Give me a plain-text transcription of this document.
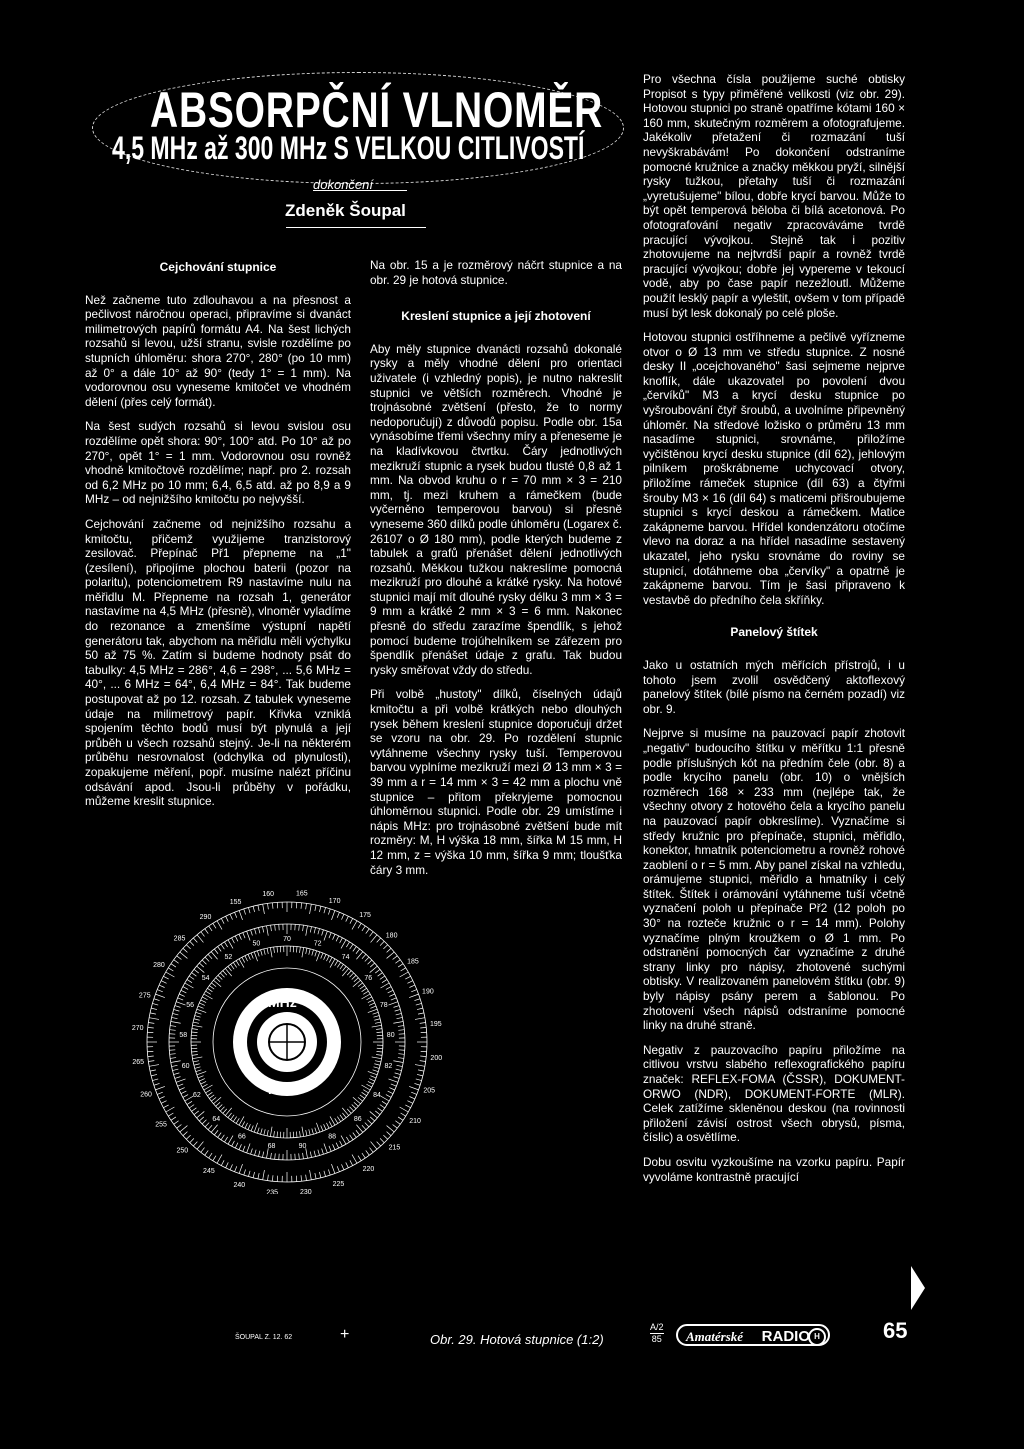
ABSORPČNÍ VLNOMĚR
4,5 MHz až 300 MHz S VELKOU CITLIVOSTÍ
dokončení
Zdeněk Šoupal
Cejchování stupnice

Než začneme tuto zdlouhavou a na přesnost a pečlivost náročnou operaci, připravíme si dvanáct milimetrových papírů formátu A4. Na šest lichých rozsahů si levou, užší stranu, svisle rozdělíme po stupních úhloměru: shora 270°, 280° (po 10 mm) až 0° a dále 10° až 90° (tedy 1° = 1 mm). Na vodorovnou osu vyneseme kmitočet ve vhodném dělení (přes celý formát).

Na šest sudých rozsahů si levou svislou osu rozdělíme opět shora: 90°, 100° atd. Po 10° až po 270°, opět 1° = 1 mm. Vodorovnou osu rovněž vhodně kmitočtově rozdělíme; např. pro 2. rozsah od 6,2 MHz po 10 mm; 6,4, 6,5 atd. až po 8,9 a 9 MHz – od nejnižšího kmitočtu po nejvyšší.

Cejchování začneme od nejnižšího rozsahu a kmitočtu, přičemž využijeme tranzistorový zesilovač. Přepínač Př1 přepneme na „1" (zesílení), připojíme plochou baterii (pozor na polaritu), potenciometrem R9 nastavíme nulu na měřidlu M. Přepneme na rozsah 1, generátor nastavíme na 4,5 MHz (přesně), vlnoměr vyladíme do rezonance a zmenšíme výstupní napětí generátoru tak, abychom na měřidlu měli výchylku 50 až 75 %. Zatím si budeme hodnoty psát do tabulky: 4,5 MHz = 286°, 4,6 = 298°, ... 5,6 MHz = 40°, ... 6 MHz = 64°, 6,4 MHz = 84°. Tak budeme postupovat až po 12. rozsah. Z tabulek vyneseme údaje na milimetrový papír. Křivka vzniklá spojením těchto bodů musí být plynulá a její průběh u všech rozsahů stejný. Je-li na některém průběhu nesrovnalost (odchylka od plynulosti), zopakujeme měření, popř. musíme nalézt příčinu odsávání apod. Jsou-li průběhy v pořádku, můžeme kreslit stupnice.

Na obr. 15 a je rozměrový náčrt stupnice a na obr. 29 je hotová stupnice.

Kreslení stupnice a její zhotovení

Aby měly stupnice dvanácti rozsahů dokonalé rysky a měly vhodné dělení pro orientaci uživatele (i vzhledný popis), je nutno nakreslit stupnici ve větších rozměrech. Vhodné je trojnásobné zvětšení (přesto, že to normy nedoporučují) z důvodů popisu. Podle obr. 15a vynásobíme třemi všechny míry a přeneseme je na kladívkovou čtvrtku. Čáry jednotlivých mezikruží stupnic a rysek budou tlusté 0,8 až 1 mm. Na obvod kruhu o r = 70 mm × 3 = 210 mm, tj. mezi kruhem a rámečkem (bude vyčerněno temperovou barvou) si přesně vyneseme 360 dílků podle úhloměru (Logarex č. 26107 o Ø 180 mm), podle kterých budeme z tabulek a grafů přenášet dělení jednotlivých rozsahů. Měkkou tužkou nakreslíme pomocná mezikruží pro dlouhé a krátké rysky. Na hotové stupnici mají mít dlouhé rysky délku 3 mm × 3 = 9 mm a krátké 2 mm × 3 = 6 mm. Nakonec přesně do středu zarazíme špendlík, s jehož pomocí budeme trojúhelníkem se zářezem pro špendlík přenášet údaje z grafu. Tak budou rysky směřovat vždy do středu.

Při volbě „hustoty" dílků, číselných údajů kmitočtu a při volbě krátkých nebo dlouhých rysek během kreslení stupnice doporučuji držet se vzoru na obr. 29. Po rozdělení stupnic vytáhneme všechny rysky tuší. Temperovou barvou vyplníme mezikruží mezi Ø 13 mm × 3 = 39 mm a r = 14 mm × 3 = 42 mm a plochu vně stupnice – přitom překryjeme pomocnou úhloměrnou stupnici. Podle obr. 29 umístíme i nápis MHz: pro trojnásobné zvětšení bude mít rozměry: M, H výška 18 mm, šířka M 15 mm, H 12 mm, z = výška 10 mm, šířka 9 mm; tloušťka čáry 3 mm.

Pro všechna čísla použijeme suché obtisky Propisot s typy přiměřené velikosti (viz obr. 29). Hotovou stupnici po straně opatříme kótami 160 × 160 mm, skutečným rozměrem a ofotografujeme. Jakékoliv přetažení či rozmazání tuší nevyškrabávám! Po dokončení odstraníme pomocné kružnice a značky měkkou pryží, silnější rysky tužkou, přetahy tuší či rozmazání „vyretušujeme" bílou, dobře krycí barvou. Může to být opět temperová běloba či bílá acetonová. Po ofotografování negativ zpracováváme tvrdě pracující vývojkou. Stejně tak i pozitiv zhotovujeme na nejtvrdší papír a rovněž tvrdě pracující vývojkou; dobře jej vypereme v tekoucí vodě, aby po čase papír nezežloutl. Můžeme použít lesklý papír a vyleštit, ovšem v tom případě musí být lesk dokonalý po celé ploše.

Hotovou stupnici ostříhneme a pečlivě vyřízneme otvor o Ø 13 mm ve středu stupnice. Z nosné desky II „ocejchovaného" šasi sejmeme nejprve knoflík, dále ukazovatel po povolení dvou „červíků" M3 a krycí desku stupnice po vyšroubování čtyř šroubů, a uvolníme připevněný úhloměr. Na středové ložisko o průměru 13 mm nasadíme stupnici, srovnáme, přiložíme vyčištěnou krycí desku stupnice (díl 62), jehlovým pilníkem proškrábneme uchycovací otvory, přiložíme rámeček stupnice (díl 63) a čtyřmi šrouby M3 × 16 (díl 64) s maticemi přišroubujeme stupnici s krycí deskou a rámečkem. Matice zakápneme barvou. Hřídel kondenzátoru otočíme vlevo na doraz a na hřídel nasadíme sestavený ukazatel, jeho rysku srovnáme do roviny se stupnicí, dotáhneme oba „červíky" a opatrně je zakápneme barvou. Tím je šasi připraveno k vestavbě do předního čela skříňky.

Panelový štítek

Jako u ostatních mých měřících přístrojů, i u tohoto jsem zvolil osvědčený aktoflexový panelový štítek (bílé písmo na černém pozadí) viz obr. 9.

Nejprve si musíme na pauzovací papír zhotovit „negativ" budoucího štítku v měřítku 1:1 přesně podle příslušných kót na předním čele (obr. 8) a podle krycího panelu (obr. 10) o vnějších rozměrech 168 × 233 mm (nejlépe tak, že všechny otvory z hotového čela a krycího panelu na pauzovací papír obkreslíme). Vyznačíme si středy kružnic pro přepínače, stupnici, měřidlo, konektor, hmatník potenciometru a rovněž rohové zaoblení o r = 5 mm. Aby panel získal na vzhledu, orámujeme stupnici, měřidlo a hmatníky i celý štítek. Štítek i orámování vytáhneme tuší včetně vyznačení poloh u přepínače Př2 (12 poloh po 30° na rozteče kružnic o r = 14 mm). Polohy vyznačíme plným kroužkem o Ø 1 mm. Po odstranění pomocných čar vyznačíme z druhé strany linky pro nápisy, zhotovené suchými obtisky. V realizovaném panelovém štítku (obr. 9) byly nápisy psány perem a šablonou. Po zhotovení všech nápisů odstraníme pomocné linky na druhé straně.

Negativ z pauzovacího papíru přiložíme na citlivou vrstvu slabého reflexografického papíru značek: REFLEX-FOMA (ČSSR), DOKUMENT-ORWO (NDR), DOKUMENT-FORTE (MLR). Celek zatížíme skleněnou deskou (na rovinnosti přiložení závisí ostrost všech obrysů, písma, číslic) a osvětlíme.

Dobu osvitu vyzkoušíme na vzorku papíru. Papír vyvoláme kontrastně pracující

155
160	165
170
175
180
185
190
195
200
205
210
215
220
225
230
235
240
245
250
255
260
265
270
275
280
285
290
70
72
74
76
78
80
82
84
86
88
90
68
66
64
62
60
58
56
54
52
50
MHz
MHz
ŠOUPAL Z. 12. 62	+	Obr. 29. Hotová stupnice (1:2)
A/2
85 Amatérské RADIO H	65
